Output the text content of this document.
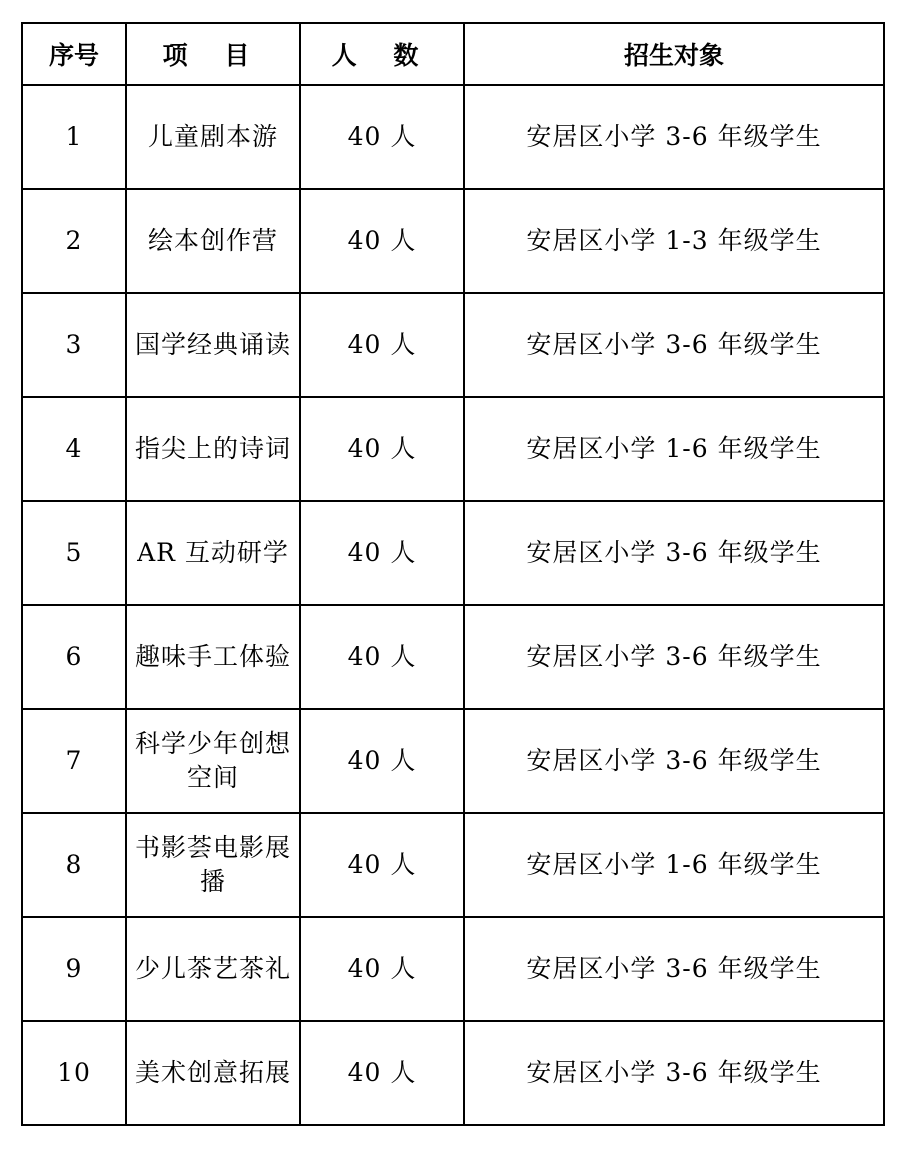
序号	项 目	人 数	招生对象
1	儿童剧本游	40 人	安居区小学 3-6 年级学生
2	绘本创作营	40 人	安居区小学 1-3 年级学生
3	国学经典诵读	40 人	安居区小学 3-6 年级学生
4	指尖上的诗词	40 人	安居区小学 1-6 年级学生
5	AR 互动研学	40 人	安居区小学 3-6 年级学生
6	趣味手工体验	40 人	安居区小学 3-6 年级学生
7	科学少年创想空间	40 人	安居区小学 3-6 年级学生
8	书影荟电影展播	40 人	安居区小学 1-6 年级学生
9	少儿茶艺茶礼	40 人	安居区小学 3-6 年级学生
10	美术创意拓展	40 人	安居区小学 3-6 年级学生
